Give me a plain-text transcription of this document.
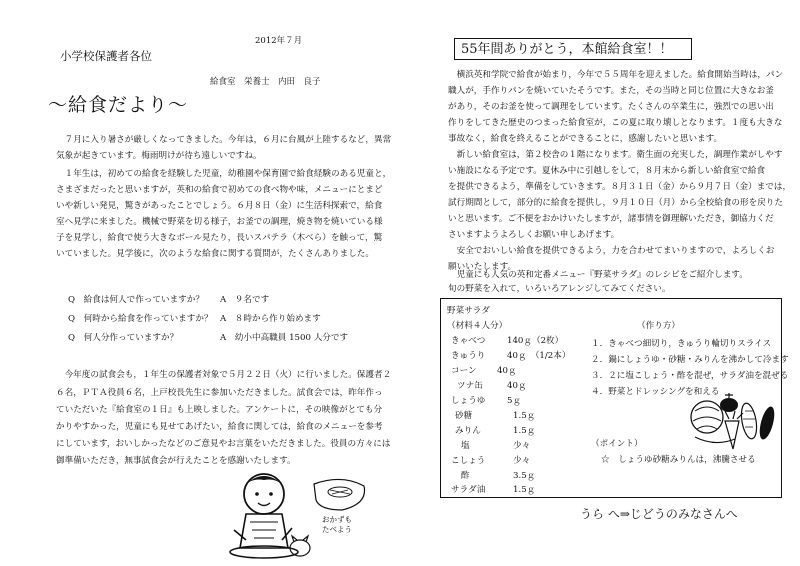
2012年７月
小学校保護者各位
給食室　栄養士　内田　良子
～給食だより～
　７月に入り暑さが厳しくなってきました。今年は，６月に台風が上陸するなど，異常
気象が起きています。梅雨明けが待ち遠しいですね。
　１年生は，初めての給食を経験した児童，幼稚園や保育園で給食経験のある児童と，
さまざまだったと思いますが，英和の給食で初めての食べ物や味，メニューにとまど
いや新しい発見，驚きがあったことでしょう。６月８日（金）に生活科探索で，給食
室へ見学に来ました。機械で野菜を切る様子，お釜での調理，焼き物を焼いている様
子を見学し，給食で使う大きなボール見たり，長いスパテラ（木べら）を触って，驚
いていました。見学後に，次のような給食に関する質問が，たくさんありました。
Q　給食は何人で作っていますか？ A　９名です
Q　何時から給食を作っていますか？ A　８時から作り始めます
Q　何人分作っていますか？	A　幼小中高職員 1500 人分です
　今年度の試食会も，１年生の保護者対象で５月２２日（火）に行いました。保護者２
６名，ＰＴＡ役員６名，上戸校長先生に参加いただきました。試食会では，昨年作っ
ていただいた『給食室の１日』も上映しました。アンケートに，その映像がとても分
かりやすかった，児童にも見せてあげたい，給食に関しては，給食のメニューを参考
にしています，おいしかったなどのご意見やお言葉をいただきました。役員の方々には
御準備いただき，無事試食会が行えたことを感謝いたします。
おかずも
たべよう
55年間ありがとう，本館給食室！！
　横浜英和学院で給食が始まり，今年で５５周年を迎えました。給食開始当時は，パン
職人が，手作りパンを焼いていたそうです。また，その当時と同じ位置に大きなお釜
があり，そのお釜を使って調理をしています。たくさんの卒業生に，強烈での思い出
作りをしてきた歴史のつまった給食室が，この夏に取り壊しとなります。１度も大きな
事故なく，給食を終えることができることに，感謝したいと思います。
　新しい給食室は，第２校舎の１階になります。衛生面の充実した，調理作業がしやす
い施設になる予定です。夏休み中に引越しをして，８月末から新しい給食室で給食
を提供できるよう，準備をしていきます。８月３１日（金）から９月７日（金）までは，
試行期間として，部分的に給食を提供し，９月１０日（月）から全校給食の形を戻りた
いと思います。ご不便をおかけいたしますが，諸事情を御理解いただき，御協力くだ
さいますようよろしくお願い申しあげます。
　安全でおいしい給食を提供できるよう，力を合わせてまいりますので，よろしくお
願いいたします。
　児童にも人気の英和定番メニュー『野菜サラダ』のレシピをご紹介します。
旬の野菜を入れて，いろいろアレンジしてみてください。
野菜サラダ
（材料４人分）
きゃべつ	140ｇ（2枚）
きゅうり	40ｇ　（1/2本）
コーン 40ｇ
ツナ缶	40ｇ
しょうゆ	5ｇ
砂糖	1.5ｇ
みりん	1.5ｇ
塩	少々
こしょう	少々
酢	3.5ｇ
サラダ油	1.5ｇ
（作り方）
１．きゃべつ細切り，きゅうり輪切りスライス
２．鍋にしょうゆ・砂糖・みりんを沸かして冷ます
３．２に塩こしょう・酢を混ぜ，サラダ油を混ぜる
４．野菜とドレッシングを和える
（ポイント）
☆　しょうゆ砂糖みりんは，沸騰させる
うら へ⇒じどうのみなさんへ
